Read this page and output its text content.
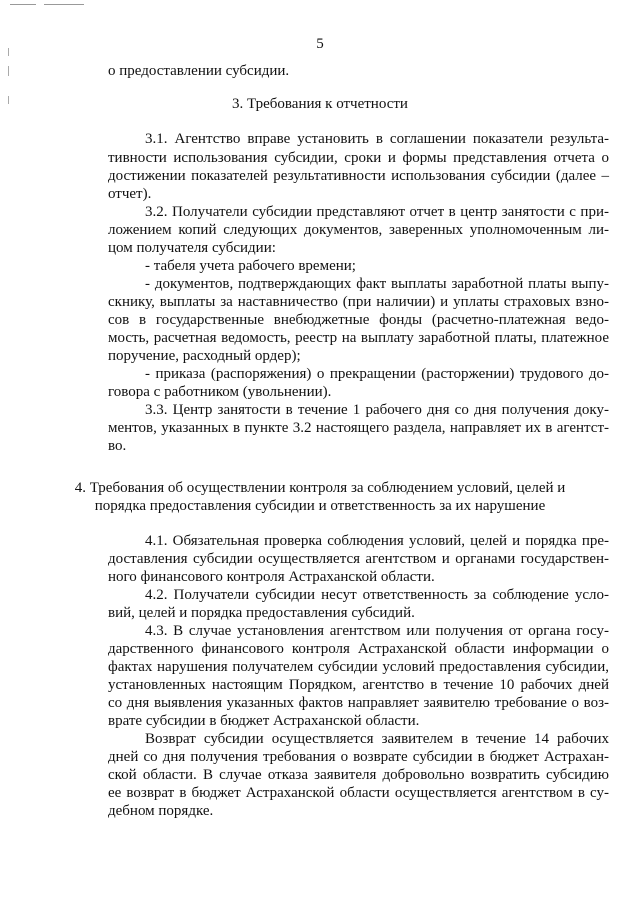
5
о предоставлении субсидии.
3. Требования к отчетности
3.1. Агентство вправе установить в соглашении показатели результа-
тивности использования субсидии, сроки и формы представления отчета о
достижении показателей результативности использования субсидии (далее –
отчет).
3.2. Получатели субсидии представляют отчет в центр занятости с при-
ложением копий следующих документов, заверенных уполномоченным ли-
цом получателя субсидии:
- табеля учета рабочего времени;
- документов, подтверждающих факт выплаты заработной платы выпу-
скнику, выплаты за наставничество (при наличии) и уплаты страховых взно-
сов в государственные внебюджетные фонды (расчетно-платежная ведо-
мость, расчетная ведомость, реестр на выплату заработной платы, платежное
поручение, расходный ордер);
- приказа (распоряжения) о прекращении (расторжении) трудового до-
говора с работником (увольнении).
3.3. Центр занятости в течение 1 рабочего дня со дня получения доку-
ментов, указанных в пункте 3.2 настоящего раздела, направляет их в агентст-
во.
4. Требования об осуществлении контроля за соблюдением условий, целей и
порядка предоставления субсидии и ответственность за их нарушение
4.1. Обязательная проверка соблюдения условий, целей и порядка пре-
доставления субсидии осуществляется агентством и органами государствен-
ного финансового контроля Астраханской области.
4.2. Получатели субсидии несут ответственность за соблюдение усло-
вий, целей и порядка предоставления субсидий.
4.3. В случае установления агентством или получения от органа госу-
дарственного финансового контроля Астраханской области информации о
фактах нарушения получателем субсидии условий предоставления субсидии,
установленных настоящим Порядком, агентство в течение 10 рабочих дней
со дня выявления указанных фактов направляет заявителю требование о воз-
врате субсидии в бюджет Астраханской области.
Возврат субсидии осуществляется заявителем в течение 14 рабочих
дней со дня получения требования о возврате субсидии в бюджет Астрахан-
ской области. В случае отказа заявителя добровольно возвратить субсидию
ее возврат в бюджет Астраханской области осуществляется агентством в су-
дебном порядке.
